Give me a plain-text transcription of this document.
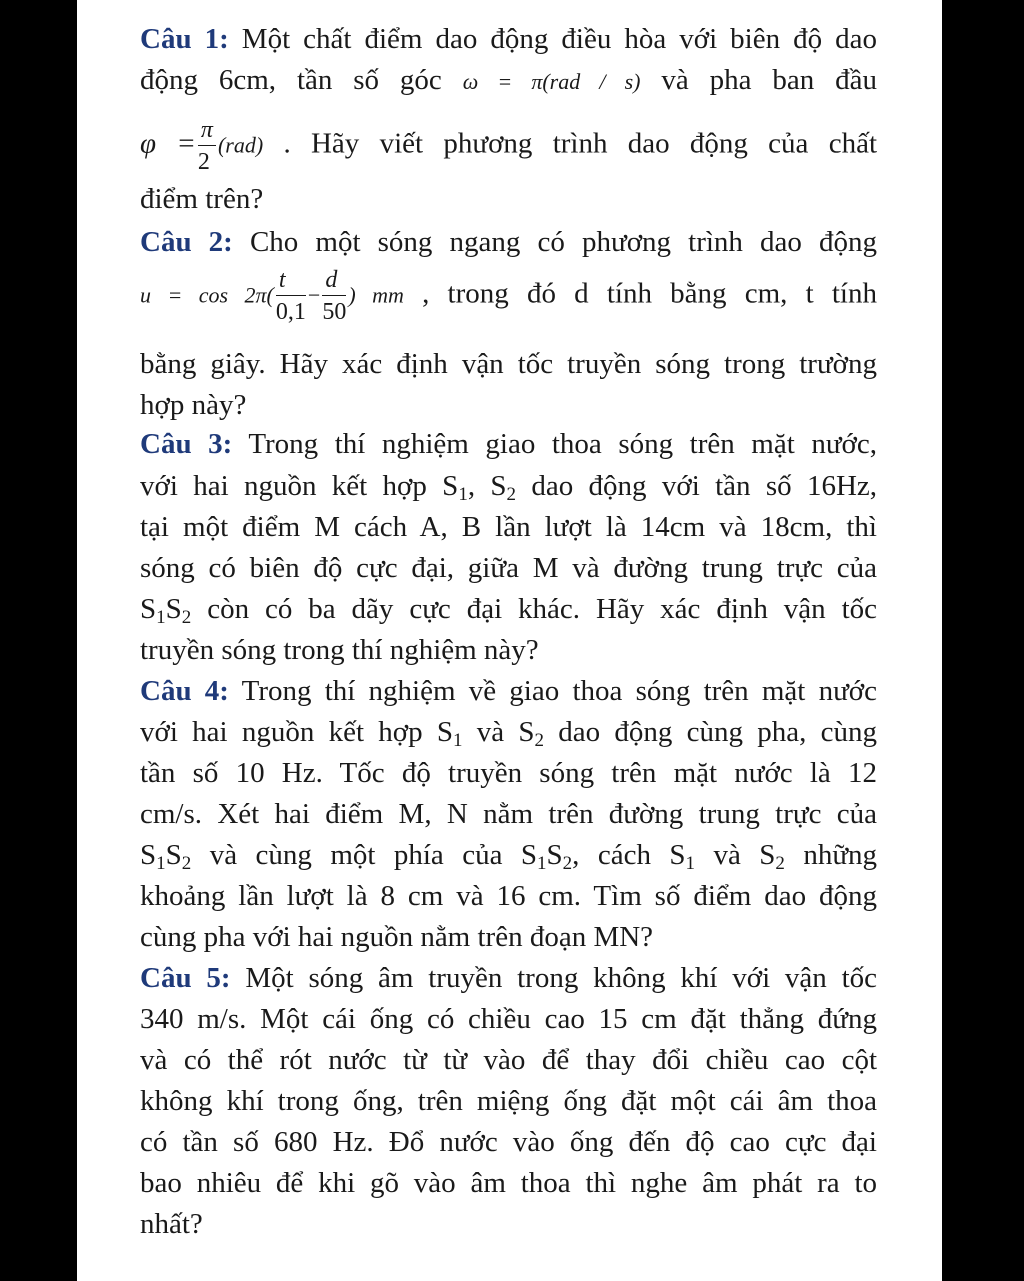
Câu 1: Một chất điểm dao động điều hòa với biên độ dao
động 6cm, tần số góc ω = π(rad / s) và pha ban đầu
$\varphi = \frac{\pi}{2} (rad)$ . Hãy viết phương trình dao động của chất
điểm trên?
Câu 2: Cho một sóng ngang có phương trình dao động
$u = \cos 2\pi( \frac{t}{0,1} - \frac{d}{50}$ ) mm , trong đó d tính bằng cm, t tính
bằng giây. Hãy xác định vận tốc truyền sóng trong trường
hợp này?
Câu 3: Trong thí nghiệm giao thoa sóng trên mặt nước,
với hai nguồn kết hợp $S_1$, $S_2$ dao động với tần số 16Hz,
tại một điểm M cách A, B lần lượt là 14cm và 18cm, thì
sóng có biên độ cực đại, giữa M và đường trung trực của
$S_1S_2$ còn có ba dãy cực đại khác. Hãy xác định vận tốc
truyền sóng trong thí nghiệm này?
Câu 4: Trong thí nghiệm về giao thoa sóng trên mặt nước
với hai nguồn kết hợp $S_1$ và $S_2$ dao động cùng pha, cùng
tần số 10 Hz. Tốc độ truyền sóng trên mặt nước là 12
cm/s. Xét hai điểm M, N nằm trên đường trung trực của
$S_1S_2$ và cùng một phía của $S_1S_2$, cách $S_1$ và $S_2$ những
khoảng lần lượt là 8 cm và 16 cm. Tìm số điểm dao động
cùng pha với hai nguồn nằm trên đoạn MN?
Câu 5: Một sóng âm truyền trong không khí với vận tốc
340 m/s. Một cái ống có chiều cao 15 cm đặt thẳng đứng
và có thể rót nước từ từ vào để thay đổi chiều cao cột
không khí trong ống, trên miệng ống đặt một cái âm thoa
có tần số 680 Hz. Đổ nước vào ống đến độ cao cực đại
bao nhiêu để khi gõ vào âm thoa thì nghe âm phát ra to
nhất?
